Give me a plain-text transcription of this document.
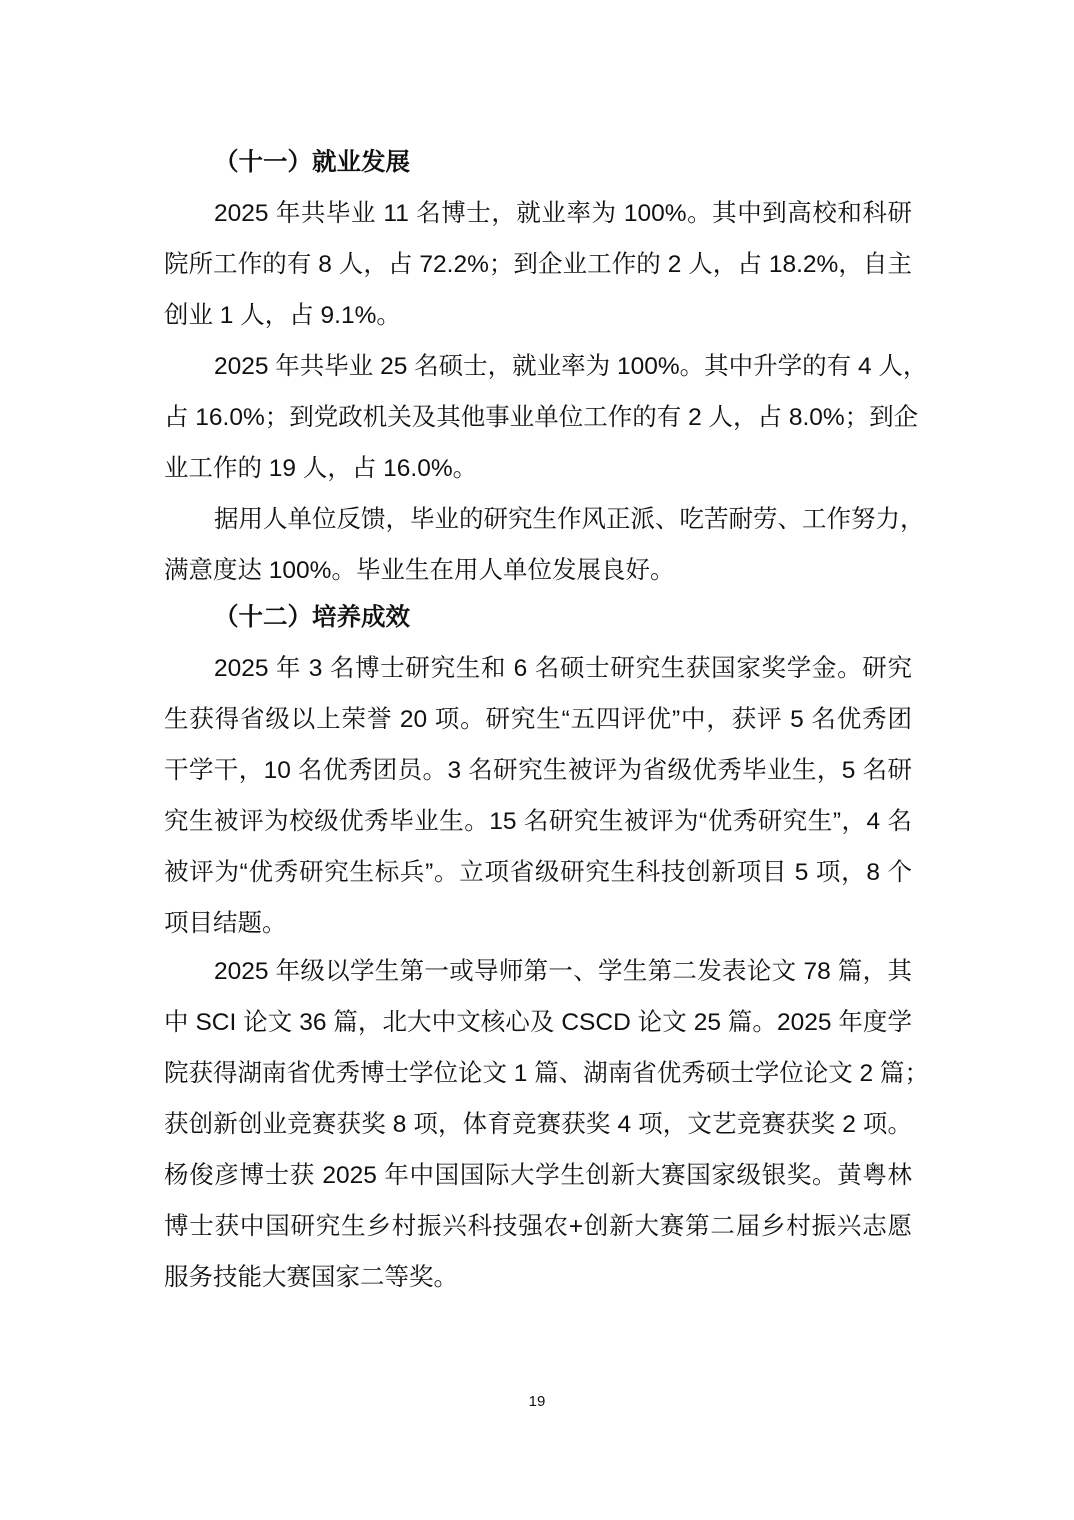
（十一）就业发展
2025 年共毕业 11 名博士，就业率为 100%。其中到高校和科研
院所工作的有 8 人，占 72.2%；到企业工作的 2 人，占 18.2%，自主
创业 1 人，占 9.1%。
2025 年共毕业 25 名硕士，就业率为 100%。其中升学的有 4 人，
占 16.0%；到党政机关及其他事业单位工作的有 2 人，占 8.0%；到企
业工作的 19 人，占 16.0%。
据用人单位反馈，毕业的研究生作风正派、吃苦耐劳、工作努力，
满意度达 100%。毕业生在用人单位发展良好。
（十二）培养成效
2025 年 3 名博士研究生和 6 名硕士研究生获国家奖学金。研究
生获得省级以上荣誉 20 项。研究生“五四评优”中，获评 5 名优秀团
干学干，10 名优秀团员。3 名研究生被评为省级优秀毕业生，5 名研
究生被评为校级优秀毕业生。15 名研究生被评为“优秀研究生”，4 名
被评为“优秀研究生标兵”。立项省级研究生科技创新项目 5 项，8 个
项目结题。
2025 年级以学生第一或导师第一、学生第二发表论文 78 篇，其
中 SCI 论文 36 篇，北大中文核心及 CSCD 论文 25 篇。2025 年度学
院获得湖南省优秀博士学位论文 1 篇、湖南省优秀硕士学位论文 2 篇；
获创新创业竞赛获奖 8 项，体育竞赛获奖 4 项，文艺竞赛获奖 2 项。
杨俊彦博士获 2025 年中国国际大学生创新大赛国家级银奖。黄粤林
博士获中国研究生乡村振兴科技强农+创新大赛第二届乡村振兴志愿
服务技能大赛国家二等奖。
19
